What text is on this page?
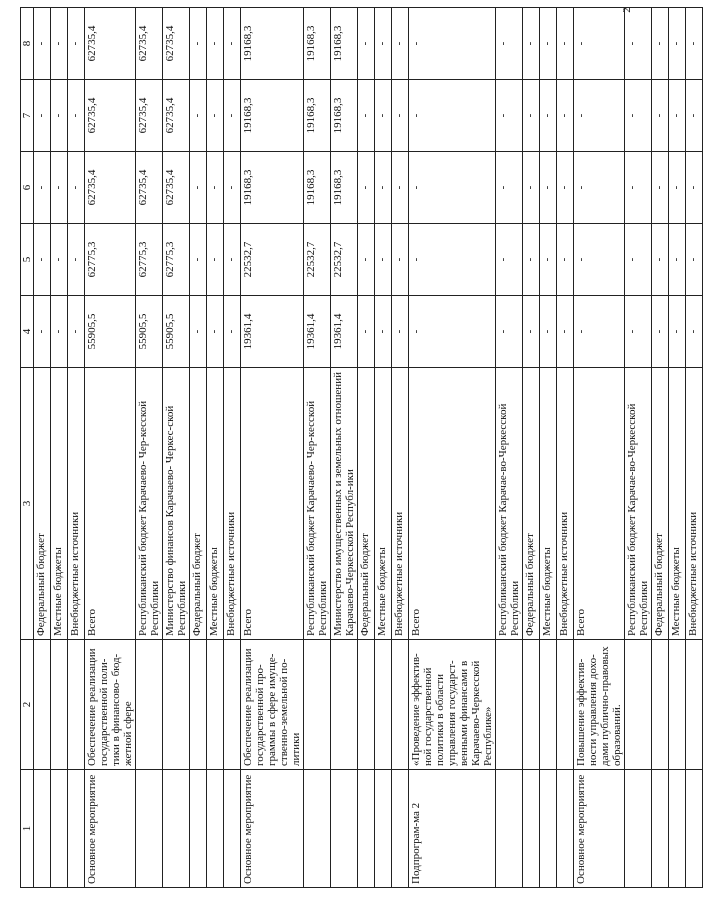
2
1	2	3	4	5	6	7	8
		Федеральный бюджет	-	-	-	-	-
		Местные бюджеты	-	-	-	-	-
		Внебюджетные источники	-	-	-	-	-
Основное мероприятие	Обеспечение реализации государственной поли-тики в финансово- бюд-жетной сфере	Всего	55905,5	62775,3	62735,4	62735,4	62735,4
		Республиканский бюджет Карачаево- Чер-кесской Республики	55905,5	62775,3	62735,4	62735,4	62735,4
		Министерство финансов Карачаево- Черкес-ской Республики	55905,5	62775,3	62735,4	62735,4	62735,4
		Федеральный бюджет	-	-	-	-	-
		Местные бюджеты	-	-	-	-	-
		Внебюджетные источники	-	-	-	-	-
Основное мероприятие	Обеспечение реализации государственной про-граммы в сфере имуще-ственно-земельной по-литики	Всего	19361,4	22532,7	19168,3	19168,3	19168,3
		Республиканский бюджет Карачаево- Чер-кесской Республики	19361,4	22532,7	19168,3	19168,3	19168,3
		Министерство имущественных и земельных отношений Карачаево-Черкесской Республ-ики	19361,4	22532,7	19168,3	19168,3	19168,3
		Федеральный бюджет	-	-	-	-	-
		Местные бюджеты	-	-	-	-	-
		Внебюджетные источники	-	-	-	-	-
Подпрограм-ма 2	«Проведение эффектив-ной государственной политики в области управления государст-венными финансами в Карачаево-Черкесской Республике»	Всего	-	-	-	-	-
		Республиканский бюджет Карачае-во-Черкесской Республики	-	-	-	-	-
		Федеральный бюджет	-	-	-	-	-
		Местные бюджеты	-	-	-	-	-
		Внебюджетные источники	-	-	-	-	-
Основное мероприятие	Повышение эффектив-ности управления дохо-дами публично-правовых образований.	Всего	-	-	-	-	-
		Республиканский бюджет Карачае-во-Черкесской Республики	-	-	-	-	-
		Федеральный бюджет	-	-	-	-	-
		Местные бюджеты	-	-	-	-	-
		Внебюджетные источники	-	-	-	-	-
